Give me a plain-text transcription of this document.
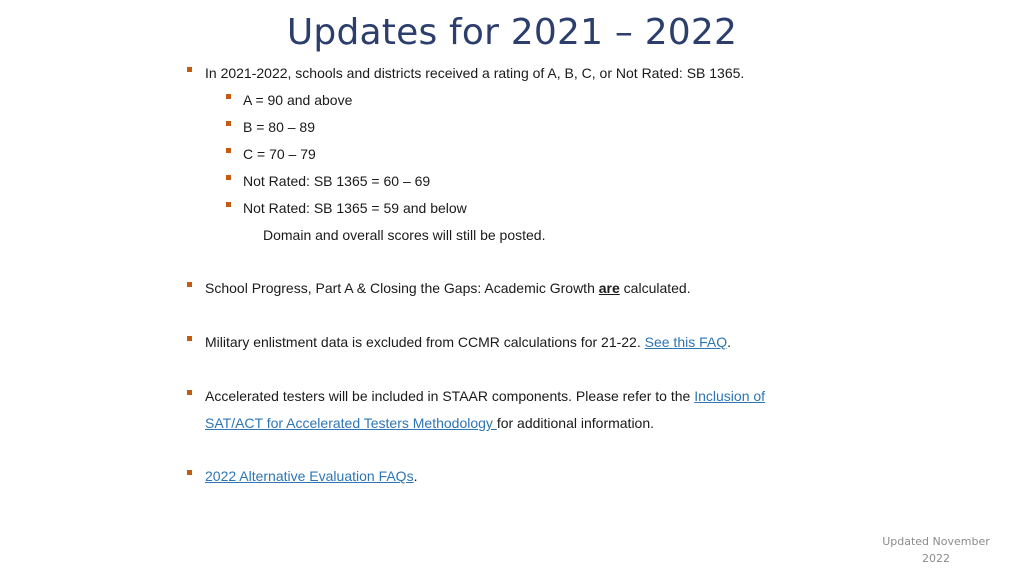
Updates for 2021 – 2022
In 2021-2022, schools and districts received a rating of A, B, C, or Not Rated: SB 1365.
A = 90 and above
B = 80 – 89
C = 70 – 79
Not Rated: SB 1365 = 60 – 69
Not Rated: SB 1365 = 59 and below
Domain and overall scores will still be posted.
School Progress, Part A & Closing the Gaps: Academic Growth are calculated.
Military enlistment data is excluded from CCMR calculations for 21-22. See this FAQ.
Accelerated testers will be included in STAAR components. Please refer to the Inclusion of
SAT/ACT for Accelerated Testers Methodology for additional information.
2022 Alternative Evaluation FAQs.
Updated November
2022
